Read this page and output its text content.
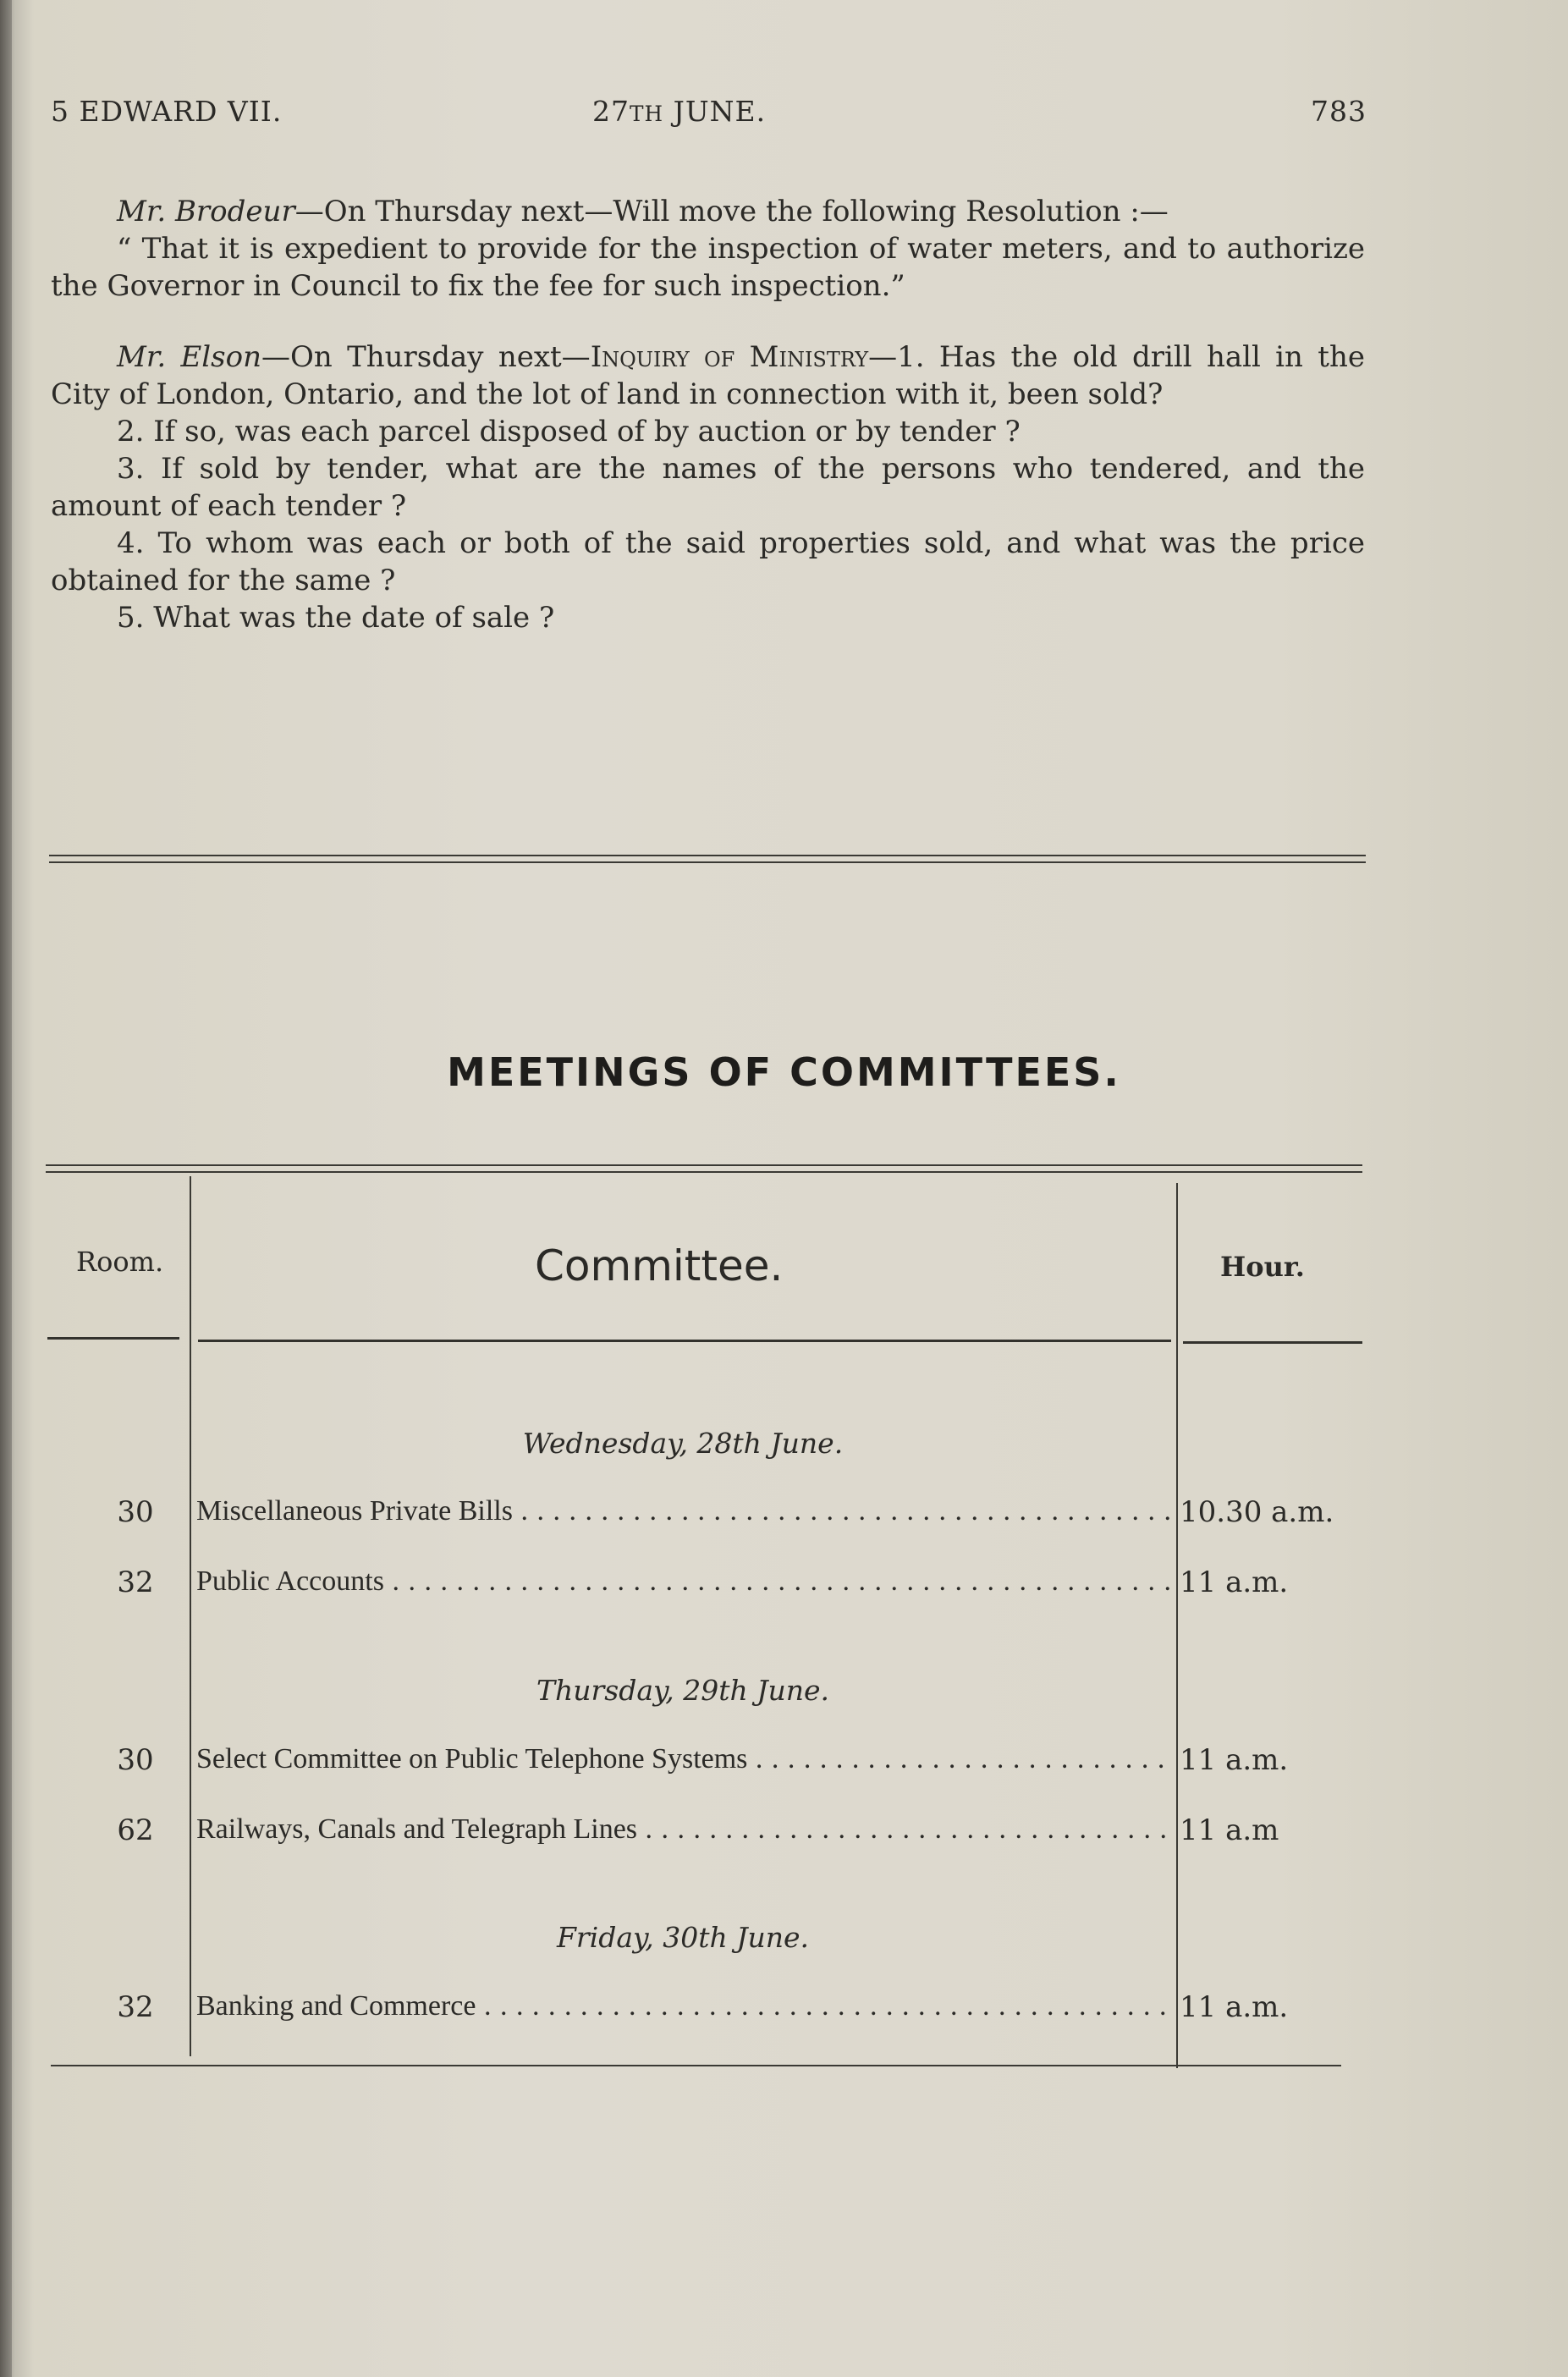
5 EDWARD VII.	27TH JUNE.	783

Mr. Brodeur—On Thursday next—Will move the following Resolution :—

“ That it is expedient to provide for the inspection of water meters, and to authorize the Governor in Council to fix the fee for such inspection.”

Mr. Elson—On Thursday next—Inquiry of Ministry—1. Has the old drill hall in the City of London, Ontario, and the lot of land in connection with it, been sold?

2. If so, was each parcel disposed of by auction or by tender ?

3. If sold by tender, what are the names of the persons who tendered, and the amount of each tender ?

4. To whom was each or both of the said properties sold, and what was the price obtained for the same ?

5. What was the date of sale ?

MEETINGS OF COMMITTEES.
Room.	Committee.	Hour.
Wednesday, 28th June.
30	Miscellaneous Private Bills . . .	10.30 a.m.
32	Public Accounts . . .	11 a.m.
Thursday, 29th June.
30	Select Committee on Public Telephone Systems . . .	11 a.m.
62	Railways, Canals and Telegraph Lines . . .	11 a.m
Friday, 30th June.
32	Banking and Commerce . . .	11 a.m.
